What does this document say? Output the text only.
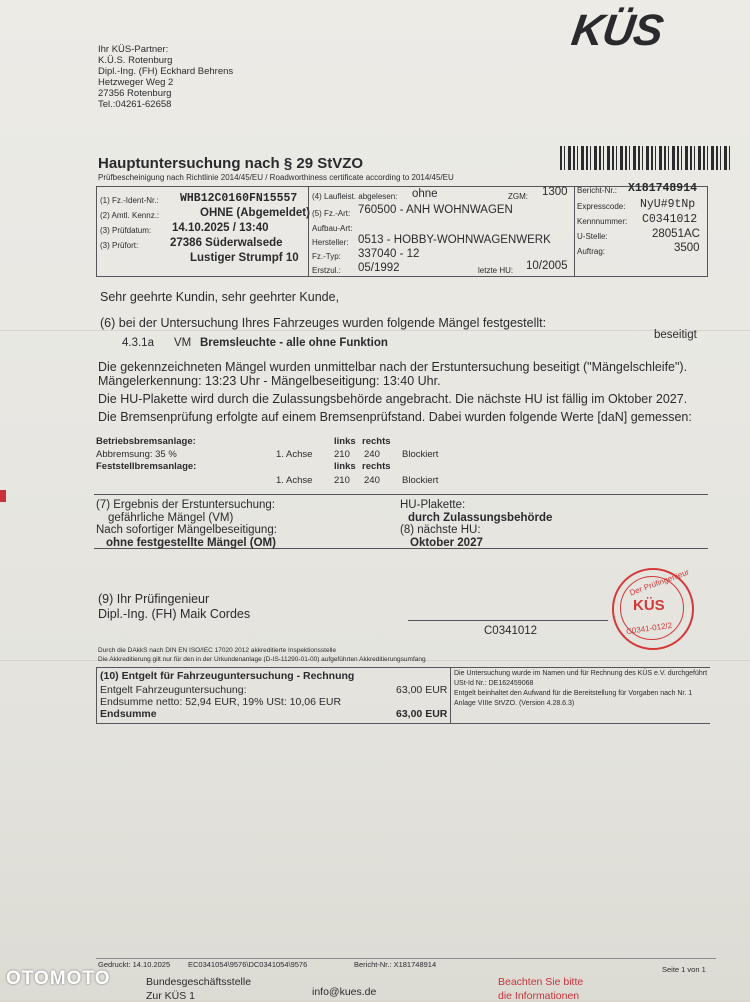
KÜS
Ihr KÜS-Partner:
K.Ü.S. Rotenburg
Dipl.-Ing. (FH) Eckhard Behrens
Hetzweger Weg 2
27356 Rotenburg
Tel.:04261-62658
Hauptuntersuchung nach § 29 StVZO
Prüfbescheinigung nach Richtlinie 2014/45/EU / Roadworthiness certificate according to 2014/45/EU
(1) Fz.-Ident-Nr.: WHB12C0160FN15557
(2) Amtl. Kennz.:	OHNE (Abgemeldet)
(3) Prüfdatum: 14.10.2025 / 13:40
(3) Prüfort:	27386 Süderwalsede
Lustiger Strumpf 10
(4) Laufleist. abgelesen: ohne	ZGM: 1300
(5) Fz.-Art: 760500 - ANH WOHNWAGEN
Aufbau-Art:
Hersteller: 0513 - HOBBY-WOHNWAGENWERK
Fz.-Typ: 337040 - 12
Erstzul.: 05/1992	letzte HU: 10/2005
Bericht-Nr.: X181748914
Expresscode: NyU#9tNp
Kennnummer: C0341012
U-Stelle:	28051AC
Auftrag:	3500
Sehr geehrte Kundin, sehr geehrter Kunde,
(6) bei der Untersuchung Ihres Fahrzeuges wurden folgende Mängel festgestellt:
beseitigt
4.3.1a VM Bremsleuchte - alle ohne Funktion
Die gekennzeichneten Mängel wurden unmittelbar nach der Erstuntersuchung beseitigt ("Mängelschleife").
Mängelerkennung: 13:23 Uhr - Mängelbeseitigung: 13:40 Uhr.
Die HU-Plakette wird durch die Zulassungsbehörde angebracht. Die nächste HU ist fällig im Oktober 2027.
Die Bremsenprüfung erfolgte auf einem Bremsenprüfstand. Dabei wurden folgende Werte [daN] gemessen:
Betriebsbremsanlage:	links rechts
Abbremsung: 35 %	1. Achse 210 240 Blockiert
Feststellbremsanlage:	links rechts
1. Achse 210 240 Blockiert
(7) Ergebnis der Erstuntersuchung:
gefährliche Mängel (VM)
Nach sofortiger Mängelbeseitigung:
ohne festgestellte Mängel (OM)
HU-Plakette:
durch Zulassungsbehörde
(8) nächste HU:
Oktober 2027
(9) Ihr Prüfingenieur
Dipl.-Ing. (FH) Maik Cordes
C0341012
Der Prüfingenieur
KÜS
C0341-012/2
Durch die DAkkS nach DIN EN ISO/IEC 17020 2012 akkreditierte Inspektionsstelle
Die Akkreditierung gilt nur für den in der Urkundenanlage (D-IS-11290-01-00) aufgeführten Akkreditierungsumfang
(10) Entgelt für Fahrzeuguntersuchung - Rechnung
Entgelt Fahrzeuguntersuchung:	63,00 EUR
Endsumme netto: 52,94 EUR, 19% USt: 10,06 EUR
Endsumme	63,00 EUR
Die Untersuchung wurde im Namen und für Rechnung des KÜS e.V. durchgeführt
USt-Id Nr.: DE162459068
Entgelt beinhaltet den Aufwand für die Bereitstellung für Vorgaben nach Nr. 1
Anlage VIIIe StVZO. (Version 4.28.6.3)
Gedruckt: 14.10.2025 EC0341054\9576\DC0341054\9576	Bericht-Nr.: X181748914
Seite 1 von 1
Bundesgeschäftsstelle
Zur KÜS 1	info@kues.de
Beachten Sie bitte
die Informationen
OTOMOTO
